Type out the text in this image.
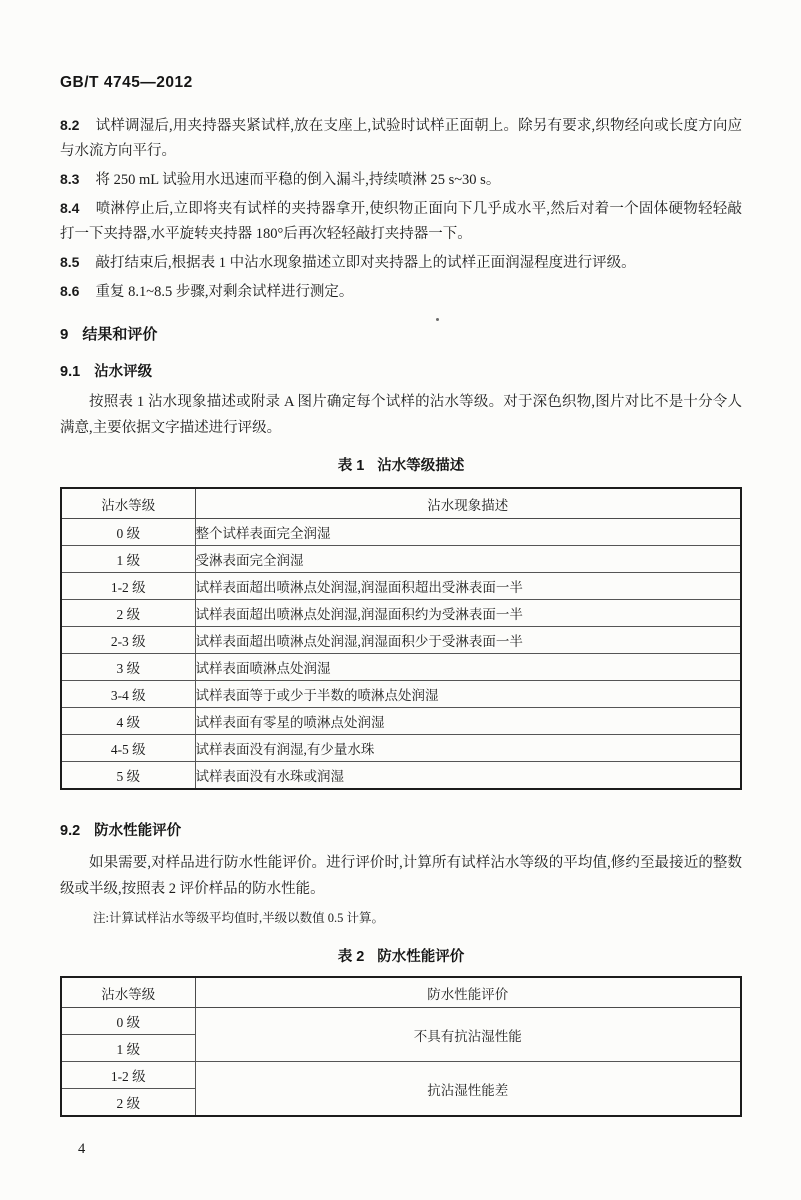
GB/T 4745—2012

8.2 试样调湿后,用夹持器夹紧试样,放在支座上,试验时试样正面朝上。除另有要求,织物经向或长度方向应与水流方向平行。

8.3 将 250 mL 试验用水迅速而平稳的倒入漏斗,持续喷淋 25 s~30 s。

8.4 喷淋停止后,立即将夹有试样的夹持器拿开,使织物正面向下几乎成水平,然后对着一个固体硬物轻轻敲打一下夹持器,水平旋转夹持器 180°后再次轻轻敲打夹持器一下。

8.5 敲打结束后,根据表 1 中沾水现象描述立即对夹持器上的试样正面润湿程度进行评级。

8.6 重复 8.1~8.5 步骤,对剩余试样进行测定。

9 结果和评价
9.1 沾水评级

按照表 1 沾水现象描述或附录 A 图片确定每个试样的沾水等级。对于深色织物,图片对比不是十分令人满意,主要依据文字描述进行评级。

表 1 沾水等级描述
沾水等级	沾水现象描述
0 级	整个试样表面完全润湿
1 级	受淋表面完全润湿
1-2 级	试样表面超出喷淋点处润湿,润湿面积超出受淋表面一半
2 级	试样表面超出喷淋点处润湿,润湿面积约为受淋表面一半
2-3 级	试样表面超出喷淋点处润湿,润湿面积少于受淋表面一半
3 级	试样表面喷淋点处润湿
3-4 级	试样表面等于或少于半数的喷淋点处润湿
4 级	试样表面有零星的喷淋点处润湿
4-5 级	试样表面没有润湿,有少量水珠
5 级	试样表面没有水珠或润湿
9.2 防水性能评价

如果需要,对样品进行防水性能评价。进行评价时,计算所有试样沾水等级的平均值,修约至最接近的整数级或半级,按照表 2 评价样品的防水性能。

注:计算试样沾水等级平均值时,半级以数值 0.5 计算。
表 2 防水性能评价
沾水等级	防水性能评价
0 级	不具有抗沾湿性能
1 级	
1-2 级	抗沾湿性能差
2 级	
4
